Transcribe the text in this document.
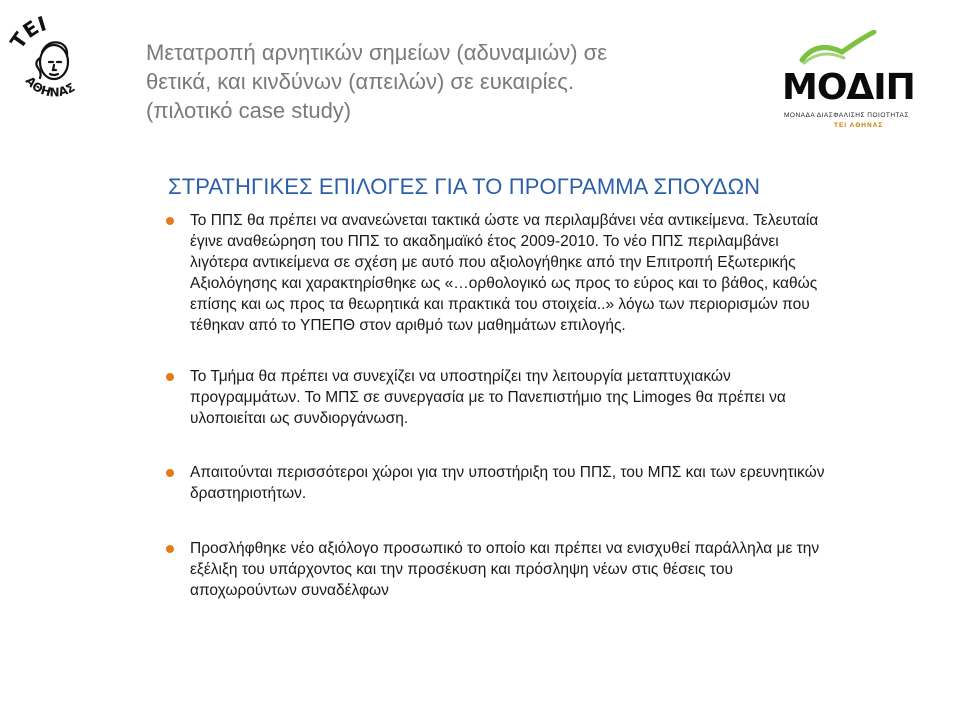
ΤΕΙ
ΑΘΗΝΑΣ	ΜΟΔΙΠ
ΜΟΝΑΔΑ ΔΙΑΣΦΑΛΙΣΗΣ ΠΟΙΟΤΗΤΑΣ
ΤΕΙ ΑΘΗΝΑΣ
Μετατροπή αρνητικών σημείων (αδυναμιών) σε
θετικά, και κινδύνων (απειλών) σε ευκαιρίες.
(πιλοτικό case study)
ΣΤΡΑΤΗΓΙΚΕΣ ΕΠΙΛΟΓΕΣ ΓΙΑ ΤΟ ΠΡΟΓΡΑΜΜΑ ΣΠΟΥΔΩΝ
Το ΠΠΣ θα πρέπει να ανανεώνεται τακτικά ώστε να περιλαμβάνει νέα αντικείμενα. Τελευταία
έγινε αναθεώρηση του ΠΠΣ το ακαδημαϊκό έτος 2009-2010. Το νέο ΠΠΣ περιλαμβάνει
λιγότερα αντικείμενα σε σχέση με αυτό που αξιολογήθηκε από την Επιτροπή Εξωτερικής
Αξιολόγησης και χαρακτηρίσθηκε ως «…ορθολογικό ως προς το εύρος και το βάθος, καθώς
επίσης και ως προς τα θεωρητικά και πρακτικά του στοιχεία..» λόγω των περιορισμών που
τέθηκαν από το ΥΠΕΠΘ στον αριθμό των μαθημάτων επιλογής.
Το Τμήμα θα πρέπει να συνεχίζει να υποστηρίζει την λειτουργία μεταπτυχιακών
προγραμμάτων. Το ΜΠΣ σε συνεργασία με το Πανεπιστήμιο της Limoges θα πρέπει να
υλοποιείται ως συνδιοργάνωση.
Απαιτούνται περισσότεροι χώροι για την υποστήριξη του ΠΠΣ, του ΜΠΣ και των ερευνητικών
δραστηριοτήτων.
Προσλήφθηκε νέο αξιόλογο προσωπικό το οποίο και πρέπει να ενισχυθεί παράλληλα με την
εξέλιξη του υπάρχοντος και την προσέκυση και πρόσληψη νέων στις θέσεις του
αποχωρούντων συναδέλφων
